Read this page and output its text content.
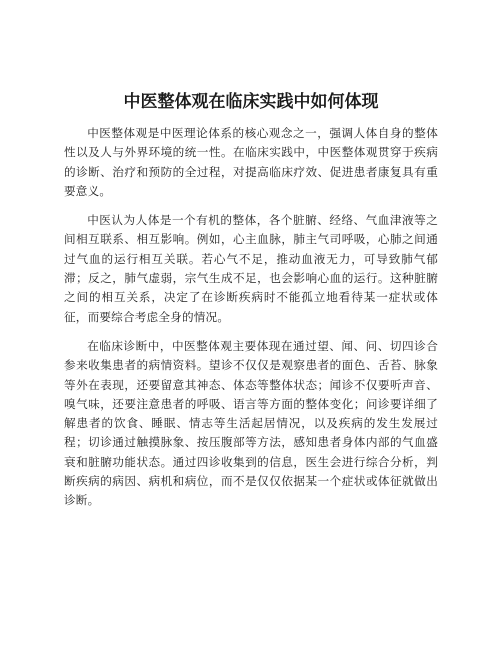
中医整体观在临床实践中如何体现

中医整体观是中医理论体系的核心观念之一，强调人体自身的整体性以及人与外界环境的统一性。在临床实践中，中医整体观贯穿于疾病的诊断、治疗和预防的全过程，对提高临床疗效、促进患者康复具有重要意义。

中医认为人体是一个有机的整体，各个脏腑、经络、气血津液等之间相互联系、相互影响。例如，心主血脉，肺主气司呼吸，心肺之间通过气血的运行相互关联。若心气不足，推动血液无力，可导致肺气郁滞；反之，肺气虚弱，宗气生成不足，也会影响心血的运行。这种脏腑之间的相互关系，决定了在诊断疾病时不能孤立地看待某一症状或体征，而要综合考虑全身的情况。

在临床诊断中，中医整体观主要体现在通过望、闻、问、切四诊合参来收集患者的病情资料。望诊不仅仅是观察患者的面色、舌苔、脉象等外在表现，还要留意其神态、体态等整体状态；闻诊不仅要听声音、嗅气味，还要注意患者的呼吸、语言等方面的整体变化；问诊要详细了解患者的饮食、睡眠、情志等生活起居情况，以及疾病的发生发展过程；切诊通过触摸脉象、按压腹部等方法，感知患者身体内部的气血盛衰和脏腑功能状态。通过四诊收集到的信息，医生会进行综合分析，判断疾病的病因、病机和病位，而不是仅仅依据某一个症状或体征就做出诊断。
